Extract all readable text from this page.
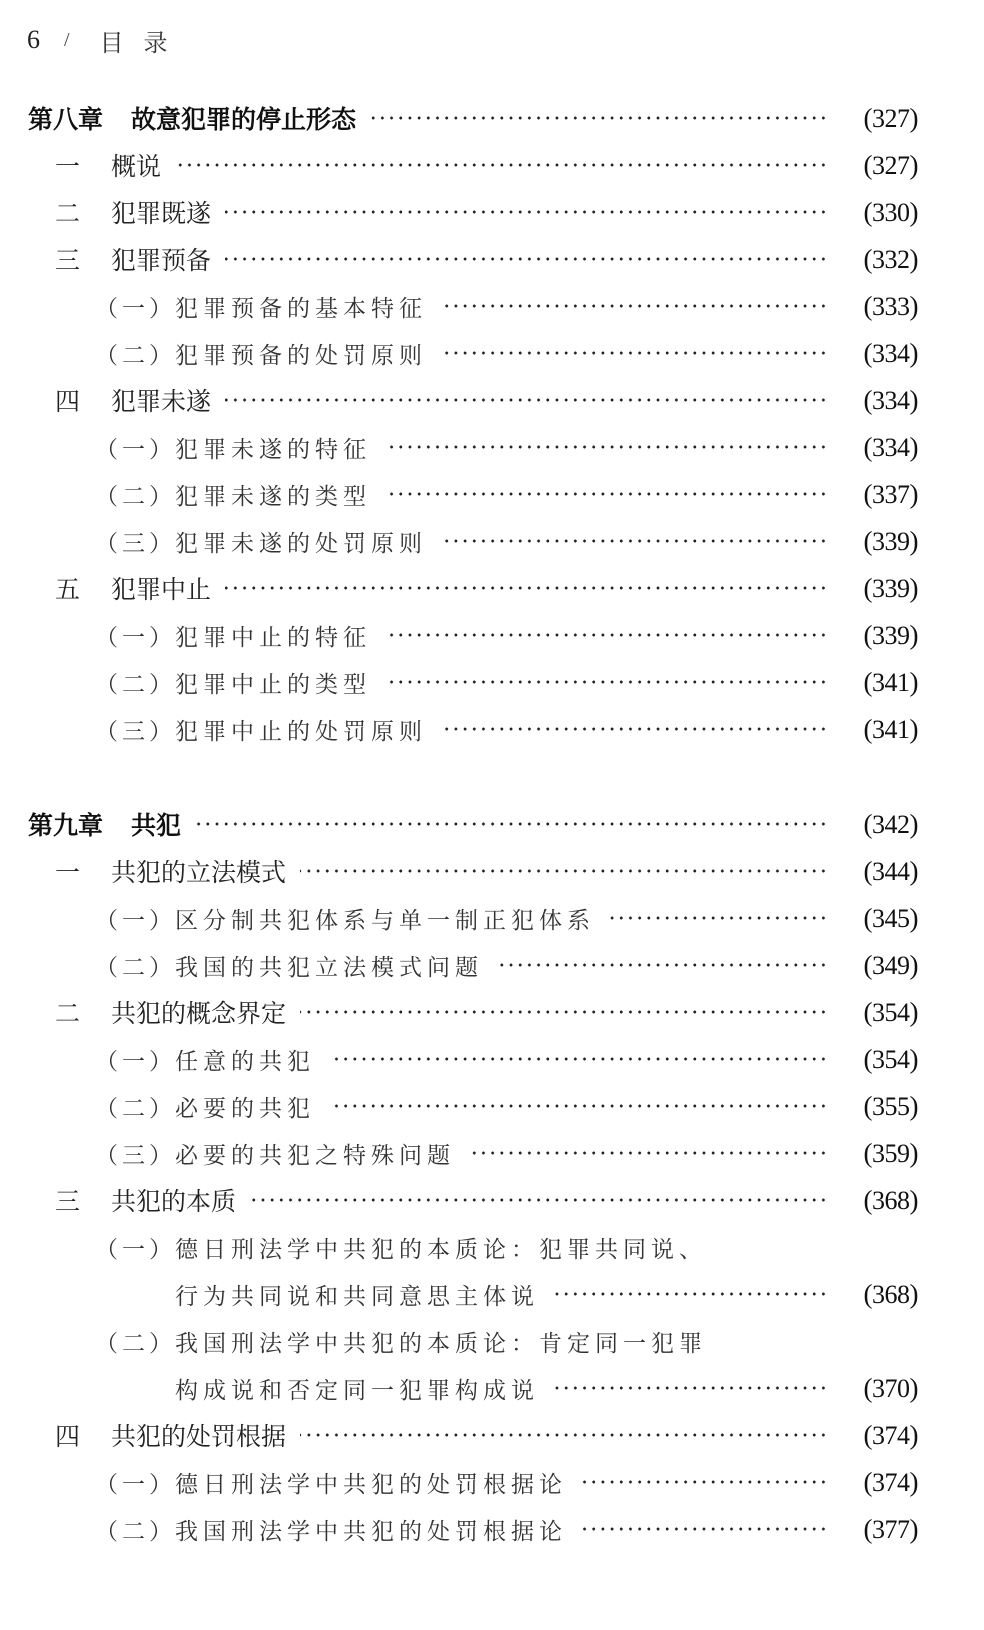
6 / 目录
第八章 故意犯罪的停止形态	(327)
一	概说	(327)
二	犯罪既遂	(330)
三	犯罪预备	(332)
（一） 犯罪预备的基本特征	(333)
（二） 犯罪预备的处罚原则	(334)
四	犯罪未遂	(334)
（一） 犯罪未遂的特征	(334)
（二） 犯罪未遂的类型	(337)
（三） 犯罪未遂的处罚原则	(339)
五	犯罪中止	(339)
（一） 犯罪中止的特征	(339)
（二） 犯罪中止的类型	(341)
（三） 犯罪中止的处罚原则	(341)
第九章 共犯	(342)
一	共犯的立法模式	(344)
（一） 区分制共犯体系与单一制正犯体系	(345)
（二） 我国的共犯立法模式问题	(349)
二	共犯的概念界定	(354)
（一） 任意的共犯	(354)
（二） 必要的共犯	(355)
（三） 必要的共犯之特殊问题	(359)
三	共犯的本质	(368)
（一） 德日刑法学中共犯的本质论：犯罪共同说、
行为共同说和共同意思主体说	(368)
（二） 我国刑法学中共犯的本质论：肯定同一犯罪
构成说和否定同一犯罪构成说	(370)
四	共犯的处罚根据	(374)
（一） 德日刑法学中共犯的处罚根据论	(374)
（二） 我国刑法学中共犯的处罚根据论	(377)
